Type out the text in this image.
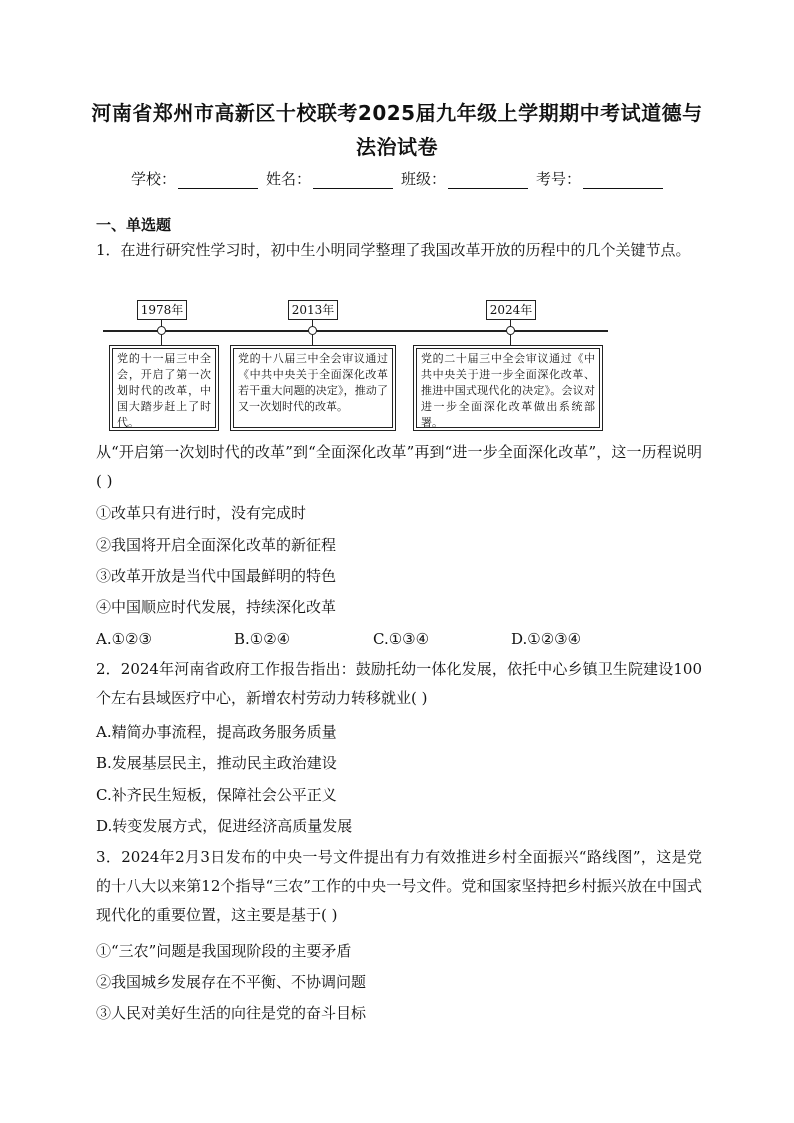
河南省郑州市高新区十校联考2025届九年级上学期期中考试道德与
法治试卷
学校：	姓名：	班级：	考号：
一、单选题

1．在进行研究性学习时，初中生小明同学整理了我国改革开放的历程中的几个关键节点。

1978年
党的十一届三中全会，开启了第一次划时代的改革，中国大踏步赶上了时代。
2013年
党的十八届三中全会审议通过《中共中央关于全面深化改革若干重大问题的决定》，推动了又一次划时代的改革。
2024年
党的二十届三中全会审议通过《中共中央关于进一步全面深化改革、推进中国式现代化的决定》。会议对进一步全面深化改革做出系统部署。

从“开启第一次划时代的改革”到“全面深化改革”再到“进一步全面深化改革”，这一历程说明( )

①改革只有进行时，没有完成时
②我国将开启全面深化改革的新征程
③改革开放是当代中国最鲜明的特色
④中国顺应时代发展，持续深化改革
A.①②③	B.①②④	C.①③④	D.①②③④

2．2024年河南省政府工作报告指出：鼓励托幼一体化发展，依托中心乡镇卫生院建设100个左右县域医疗中心，新增农村劳动力转移就业( )

A.精简办事流程，提高政务服务质量
B.发展基层民主，推动民主政治建设
C.补齐民生短板，保障社会公平正义
D.转变发展方式，促进经济高质量发展

3．2024年2月3日发布的中央一号文件提出有力有效推进乡村全面振兴“路线图”，这是党的十八大以来第12个指导“三农”工作的中央一号文件。党和国家坚持把乡村振兴放在中国式现代化的重要位置，这主要是基于( )

①“三农”问题是我国现阶段的主要矛盾
②我国城乡发展存在不平衡、不协调问题
③人民对美好生活的向往是党的奋斗目标
